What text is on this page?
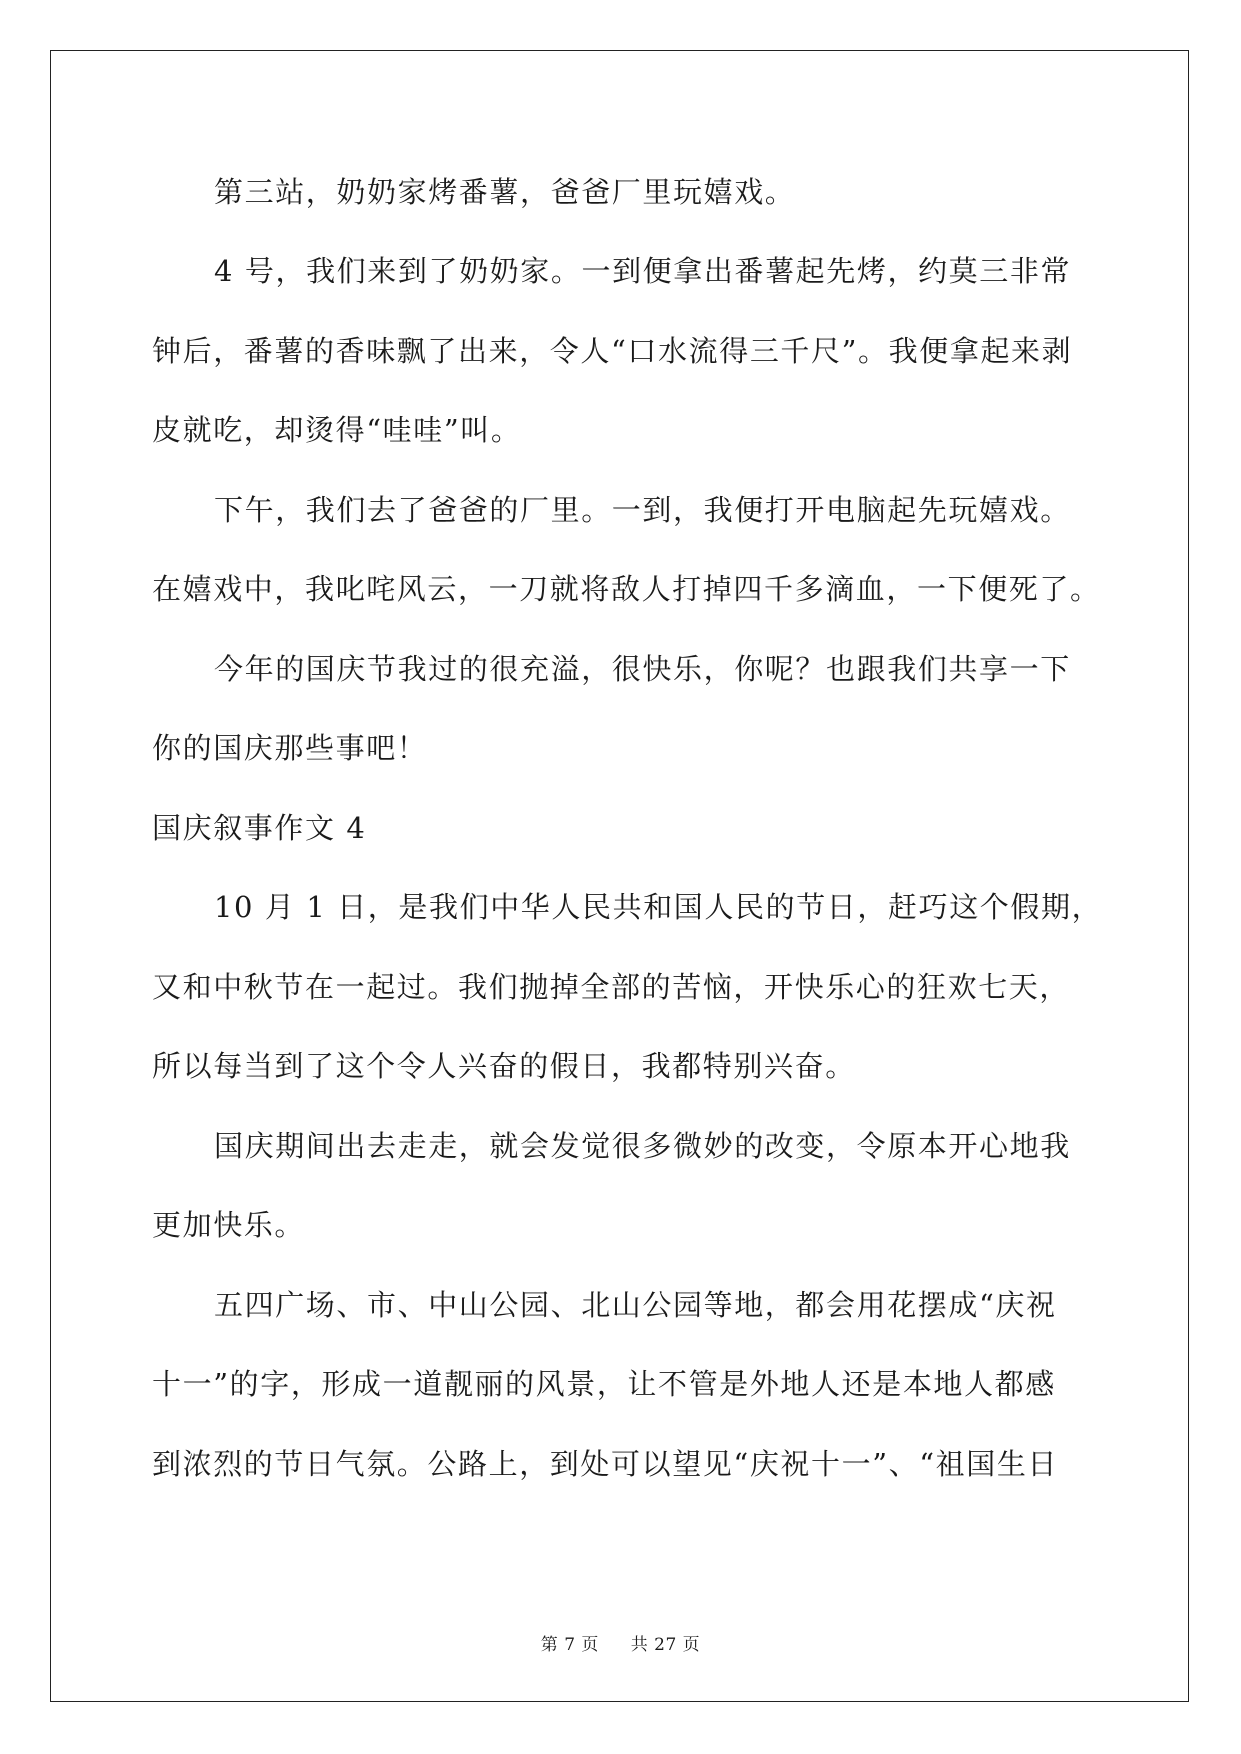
第三站，奶奶家烤番薯，爸爸厂里玩嬉戏。
4 号，我们来到了奶奶家。一到便拿出番薯起先烤，约莫三非常
钟后，番薯的香味飘了出来，令人“口水流得三千尺”。我便拿起来剥
皮就吃，却烫得“哇哇”叫。
下午，我们去了爸爸的厂里。一到，我便打开电脑起先玩嬉戏。
在嬉戏中，我叱咤风云，一刀就将敌人打掉四千多滴血，一下便死了。
今年的国庆节我过的很充溢，很快乐，你呢？也跟我们共享一下
你的国庆那些事吧！
国庆叙事作文 4
10 月 1 日，是我们中华人民共和国人民的节日，赶巧这个假期，
又和中秋节在一起过。我们抛掉全部的苦恼，开快乐心的狂欢七天，
所以每当到了这个令人兴奋的假日，我都特别兴奋。
国庆期间出去走走，就会发觉很多微妙的改变，令原本开心地我
更加快乐。
五四广场、市、中山公园、北山公园等地，都会用花摆成“庆祝
十一”的字，形成一道靓丽的风景，让不管是外地人还是本地人都感
到浓烈的节日气氛。公路上，到处可以望见“庆祝十一”、“祖国生日
第 7 页 共 27 页
